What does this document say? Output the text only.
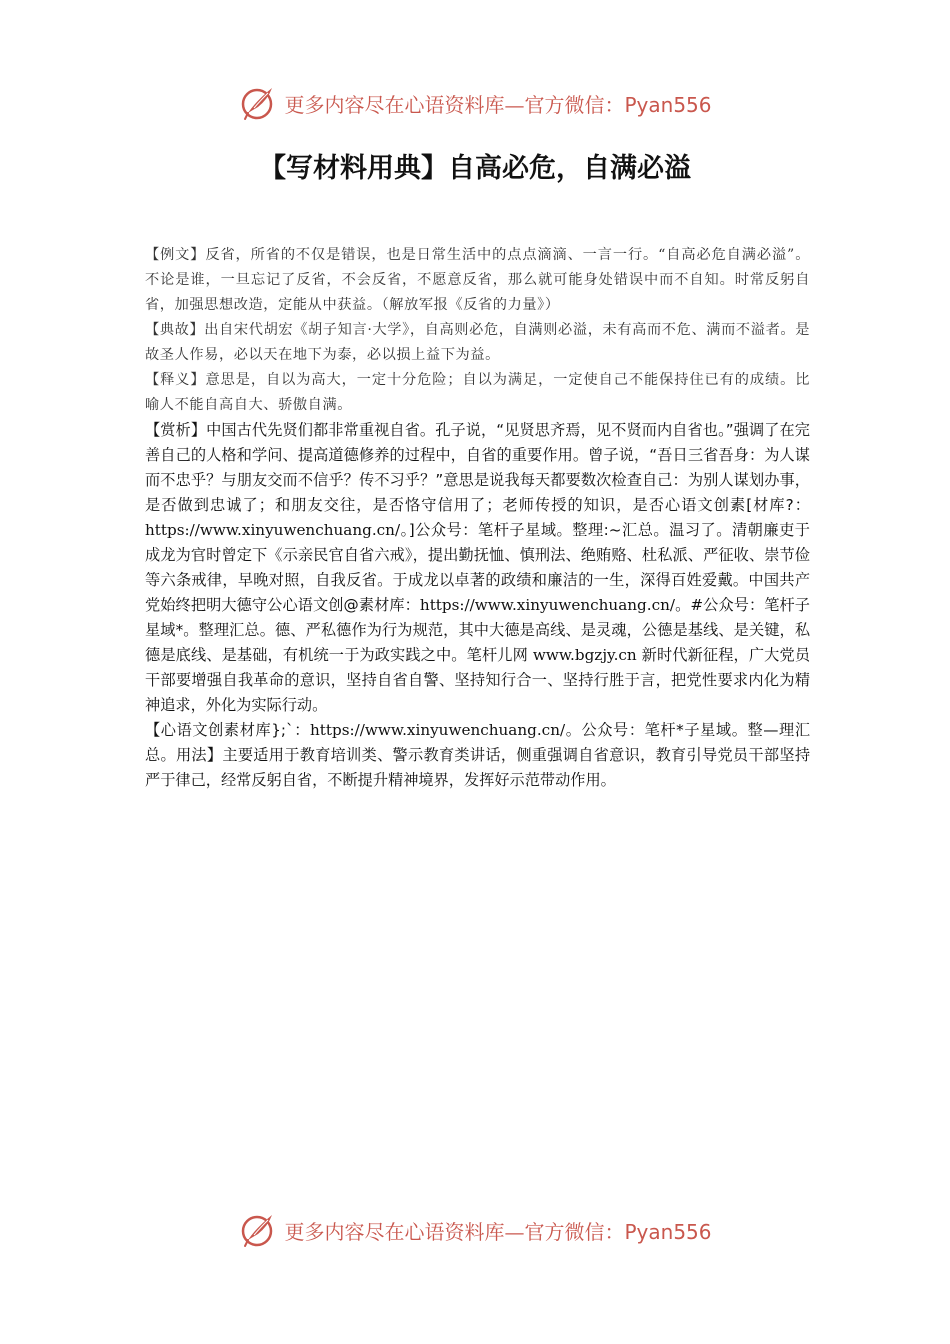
更多内容尽在心语资料库—官方微信：Pyan556
【写材料用典】自高必危，自满必溢

【例文】反省，所省的不仅是错误，也是日常生活中的点点滴滴、一言一行。“自高必危自满必溢”。不论是谁，一旦忘记了反省，不会反省，不愿意反省，那么就可能身处错误中而不自知。时常反躬自省，加强思想改造，定能从中获益。（解放军报《反省的力量》）

【典故】出自宋代胡宏《胡子知言·大学》，自高则必危，自满则必溢，未有高而不危、满而不溢者。是故圣人作易，必以天在地下为泰，必以损上益下为益。

【释义】意思是，自以为高大，一定十分危险；自以为满足，一定使自己不能保持住已有的成绩。比喻人不能自高自大、骄傲自满。

【赏析】中国古代先贤们都非常重视自省。孔子说，“见贤思齐焉，见不贤而内自省也。”强调了在完善自己的人格和学问、提高道德修养的过程中，自省的重要作用。曾子说，“吾日三省吾身：为人谋而不忠乎？与朋友交而不信乎？传不习乎？”意思是说我每天都要数次检查自己：为别人谋划办事，是否做到忠诚了；和朋友交往，是否恪守信用了；老师传授的知识，是否心语文创素[材库?：https://www.xinyuwenchuang.cn/。]公众号：笔杆子星域。整理:~汇总。温习了。清朝廉吏于成龙为官时曾定下《示亲民官自省六戒》，提出勤抚恤、慎刑法、绝贿赂、杜私派、严征收、崇节俭等六条戒律，早晚对照，自我反省。于成龙以卓著的政绩和廉洁的一生，深得百姓爱戴。中国共产党始终把明大德守公心语文创@素材库：https://www.xinyuwenchuang.cn/。#公众号：笔杆子星域*。整理汇总。德、严私德作为行为规范，其中大德是高线、是灵魂，公德是基线、是关键，私德是底线、是基础，有机统一于为政实践之中。笔杆儿网 www.bgzjy.cn 新时代新征程，广大党员干部要增强自我革命的意识，坚持自省自警、坚持知行合一、坚持行胜于言，把党性要求内化为精神追求，外化为实际行动。

【心语文创素材库};`：https://www.xinyuwenchuang.cn/。公众号：笔杆*子星域。整—理汇总。用法】主要适用于教育培训类、警示教育类讲话，侧重强调自省意识，教育引导党员干部坚持严于律己，经常反躬自省，不断提升精神境界，发挥好示范带动作用。

更多内容尽在心语资料库—官方微信：Pyan556
